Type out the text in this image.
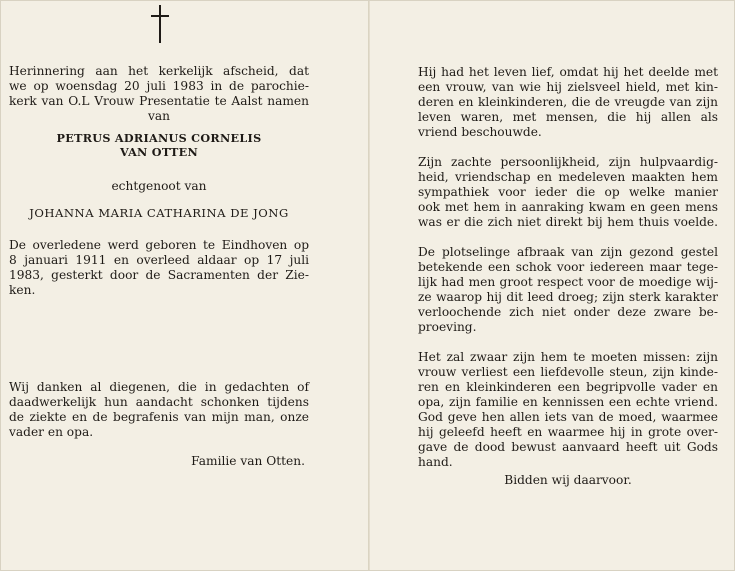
Herinnering aan het kerkelijk afscheid, dat
we op woensdag 20 juli 1983 in de parochie-
kerk van O.L Vrouw Presentatie te Aalst namen

van

PETRUS ADRIANUS CORNELIS
VAN OTTEN

echtgenoot van

JOHANNA MARIA CATHARINA DE JONG

De overledene werd geboren te Eindhoven op
8 januari 1911 en overleed aldaar op 17 juli
1983, gesterkt door de Sacramenten der Zie-
ken.

Wij danken al diegenen, die in gedachten of
daadwerkelijk hun aandacht schonken tijdens
de ziekte en de begrafenis van mijn man, onze
vader en opa.

Familie van Otten.

Hij had het leven lief, omdat hij het deelde met
een vrouw, van wie hij zielsveel hield, met kin-
deren en kleinkinderen, die de vreugde van zijn
leven waren, met mensen, die hij allen als
vriend beschouwde.

Zijn zachte persoonlijkheid, zijn hulpvaardig-
heid, vriendschap en medeleven maakten hem
sympathiek voor ieder die op welke manier
ook met hem in aanraking kwam en geen mens
was er die zich niet direkt bij hem thuis voelde.

De plotselinge afbraak van zijn gezond gestel
betekende een schok voor iedereen maar tege-
lijk had men groot respect voor de moedige wij-
ze waarop hij dit leed droeg; zijn sterk karakter
verloochende zich niet onder deze zware be-
proeving.

Het zal zwaar zijn hem te moeten missen: zijn
vrouw verliest een liefdevolle steun, zijn kinde-
ren en kleinkinderen een begripvolle vader en
opa, zijn familie en kennissen een echte vriend.
God geve hen allen iets van de moed, waarmee
hij geleefd heeft en waarmee hij in grote over-
gave de dood bewust aanvaard heeft uit Gods
hand.

Bidden wij daarvoor.
